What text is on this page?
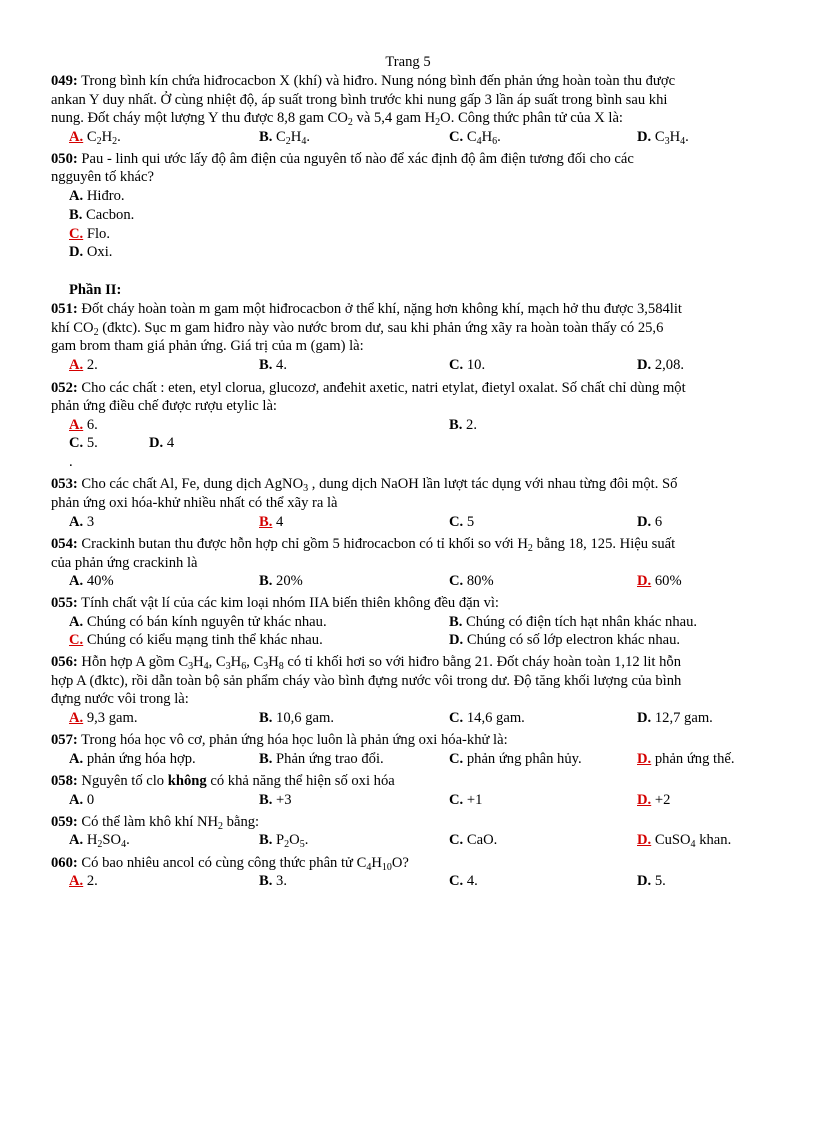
Trang 5
049: Trong bình kín chứa hiđrocacbon X (khí) và hiđro. Nung nóng bình đến phản ứng hoàn toàn thu được
ankan Y duy nhất. Ở cùng nhiệt độ, áp suất trong bình trước khi nung gấp 3 lần áp suất trong bình sau khi
nung. Đốt cháy một lượng Y thu được 8,8 gam $CO_2$ và 5,4 gam $H_2O$. Công thức phân tử của X là:
A. $C_2H_2$.	B. $C_2H_4$.	C. $C_4H_6$.	D. $C_3H_4$.
050: Pau - linh qui ước lấy độ âm điện của nguyên tố nào để xác định độ âm điện tương đối cho các
ngguyên tố khác?
A. Hiđro.
B. Cacbon.
C. Flo.
D. Oxi.
Phần II:
051: Đốt cháy hoàn toàn m gam một hiđrocacbon ở thể khí, nặng hơn không khí, mạch hở thu được 3,584lit
khí $CO_2$ (đktc). Sục m gam hiđro này vào nước brom dư, sau khi phản ứng xãy ra hoàn toàn thấy có 25,6
gam brom tham giá phản ứng. Giá trị của m (gam) là:
A. 2.	B. 4.	C. 10.	D. 2,08.
052: Cho các chất : eten, etyl clorua, glucozơ, anđehit axetic, natri etylat, đietyl oxalat. Số chất chỉ dùng một
phản ứng điều chế được rượu etylic là:
A. 6.	B. 2.
C. 5.	D. 4
.
053: Cho các chất Al, Fe, dung dịch AgNO$_3$ , dung dịch NaOH lần lượt tác dụng với nhau từng đôi một. Số
phản ứng oxi hóa-khử nhiều nhất có thể xãy ra là
A. 3	B. 4	C. 5	D. 6
054: Crackinh butan thu được hỗn hợp chỉ gồm 5 hiđrocacbon có tỉ khối so với $H_2$ bằng 18, 125. Hiệu suất
của phản ứng crackinh là
A. 40%	B. 20%	C. 80%	D. 60%
055: Tính chất vật lí của các kim loại nhóm IIA biến thiên không đều đặn vì:
A. Chúng có bán kính nguyên tử khác nhau.	B. Chúng có điện tích hạt nhân khác nhau.
C. Chúng có kiểu mạng tinh thể khác nhau.	D. Chúng có số lớp electron khác nhau.
056: Hỗn hợp A gồm $C_3H_4$, $C_3H_6$, $C_3H_8$ có tỉ khối hơi so với hiđro bằng 21. Đốt cháy hoàn toàn 1,12 lit hỗn
hợp A (đktc), rồi dẫn toàn bộ sản phẩm cháy vào bình đựng nước vôi trong dư. Độ tăng khối lượng của bình
đựng nước vôi trong là:
A. 9,3 gam.	B. 10,6 gam.	C. 14,6 gam.	D. 12,7 gam.
057: Trong hóa học vô cơ, phản ứng hóa học luôn là phản ứng oxi hóa-khử là:
A. phản ứng hóa hợp.	B. Phản ứng trao đổi.	C. phản ứng phân hủy.	D. phản ứng thế.
058: Nguyên tố clo không có khả năng thể hiện số oxi hóa
A. 0	B. +3	C. +1	D. +2
059: Có thể làm khô khí $NH_2$ bằng:
A. $H_2SO_4$.	B. $P_2O_5$.	C. CaO.	D. CuSO$_4$ khan.
060: Có bao nhiêu ancol có cùng công thức phân tử $C_4H_{10}O$?
A. 2.	B. 3.	C. 4.	D. 5.
